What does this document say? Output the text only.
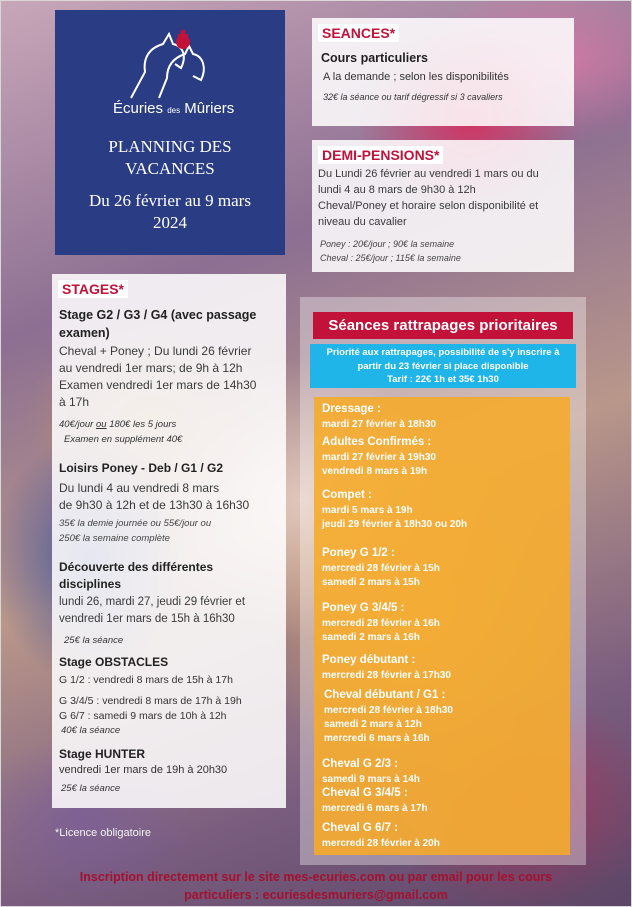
Écuries des Mûriers
PLANNING DES
VACANCES
Du 26 février au 9 mars
2024
SEANCES*
Cours particuliers
A la demande ; selon les disponibilités
32€ la séance ou tarif dégressif si 3 cavaliers
DEMI-PENSIONS*
Du Lundi 26 février au vendredi 1 mars ou du
lundi 4 au 8 mars de 9h30 à 12h
Cheval/Poney et horaire selon disponibilité et
niveau du cavalier
Poney : 20€/jour ; 90€ la semaine
Cheval : 25€/jour ; 115€ la semaine
STAGES*
Stage G2 / G3 / G4 (avec passage
examen)
Cheval + Poney ; Du lundi 26 février
au vendredi 1er mars; de 9h à 12h
Examen vendredi 1er mars de 14h30
à 17h
40€/jour ou 180€ les 5 jours
Examen en supplément 40€
Loisirs Poney - Deb / G1 / G2
Du lundi 4 au vendredi 8 mars
de 9h30 à 12h et de 13h30 à 16h30
35€ la demie journée ou 55€/jour ou
250€ la semaine complète
Découverte des différentes
disciplines
lundi 26, mardi 27, jeudi 29 février et
vendredi 1er mars de 15h à 16h30
25€ la séance
Stage OBSTACLES
G 1/2 : vendredi 8 mars de 15h à 17h
G 3/4/5 : vendredi 8 mars de 17h à 19h
G 6/7 : samedi 9 mars de 10h à 12h
40€ la séance
Stage HUNTER
vendredi 1er mars de 19h à 20h30
25€ la séance
*Licence obligatoire
Séances rattrapages prioritaires
Priorité aux rattrapages, possibilité de s'y inscrire à
partir du 23 février si place disponible
Tarif : 22€ 1h et 35€ 1h30
Dressage :
mardi 27 février à 18h30
Adultes Confirmés :
mardi 27 février à 19h30
vendredi 8 mars à 19h
Compet :
mardi 5 mars à 19h
jeudi 29 février à 18h30 ou 20h
Poney G 1/2 :
mercredi 28 février à 15h
samedi 2 mars à 15h
Poney G 3/4/5 :
mercredi 28 février à 16h
samedi 2 mars à 16h
Poney débutant :
mercredi 28 février à 17h30
Cheval débutant / G1 :
mercredi 28 février à 18h30
samedi 2 mars à 12h
mercredi 6 mars à 16h
Cheval G 2/3 :
samedi 9 mars à 14h
Cheval G 3/4/5 :
mercredi 6 mars à 17h
Cheval G 6/7 :
mercredi 28 février à 20h
Inscription directement sur le site mes-ecuries.com ou par email pour les cours
particuliers : ecuriesdesmuriers@gmail.com
